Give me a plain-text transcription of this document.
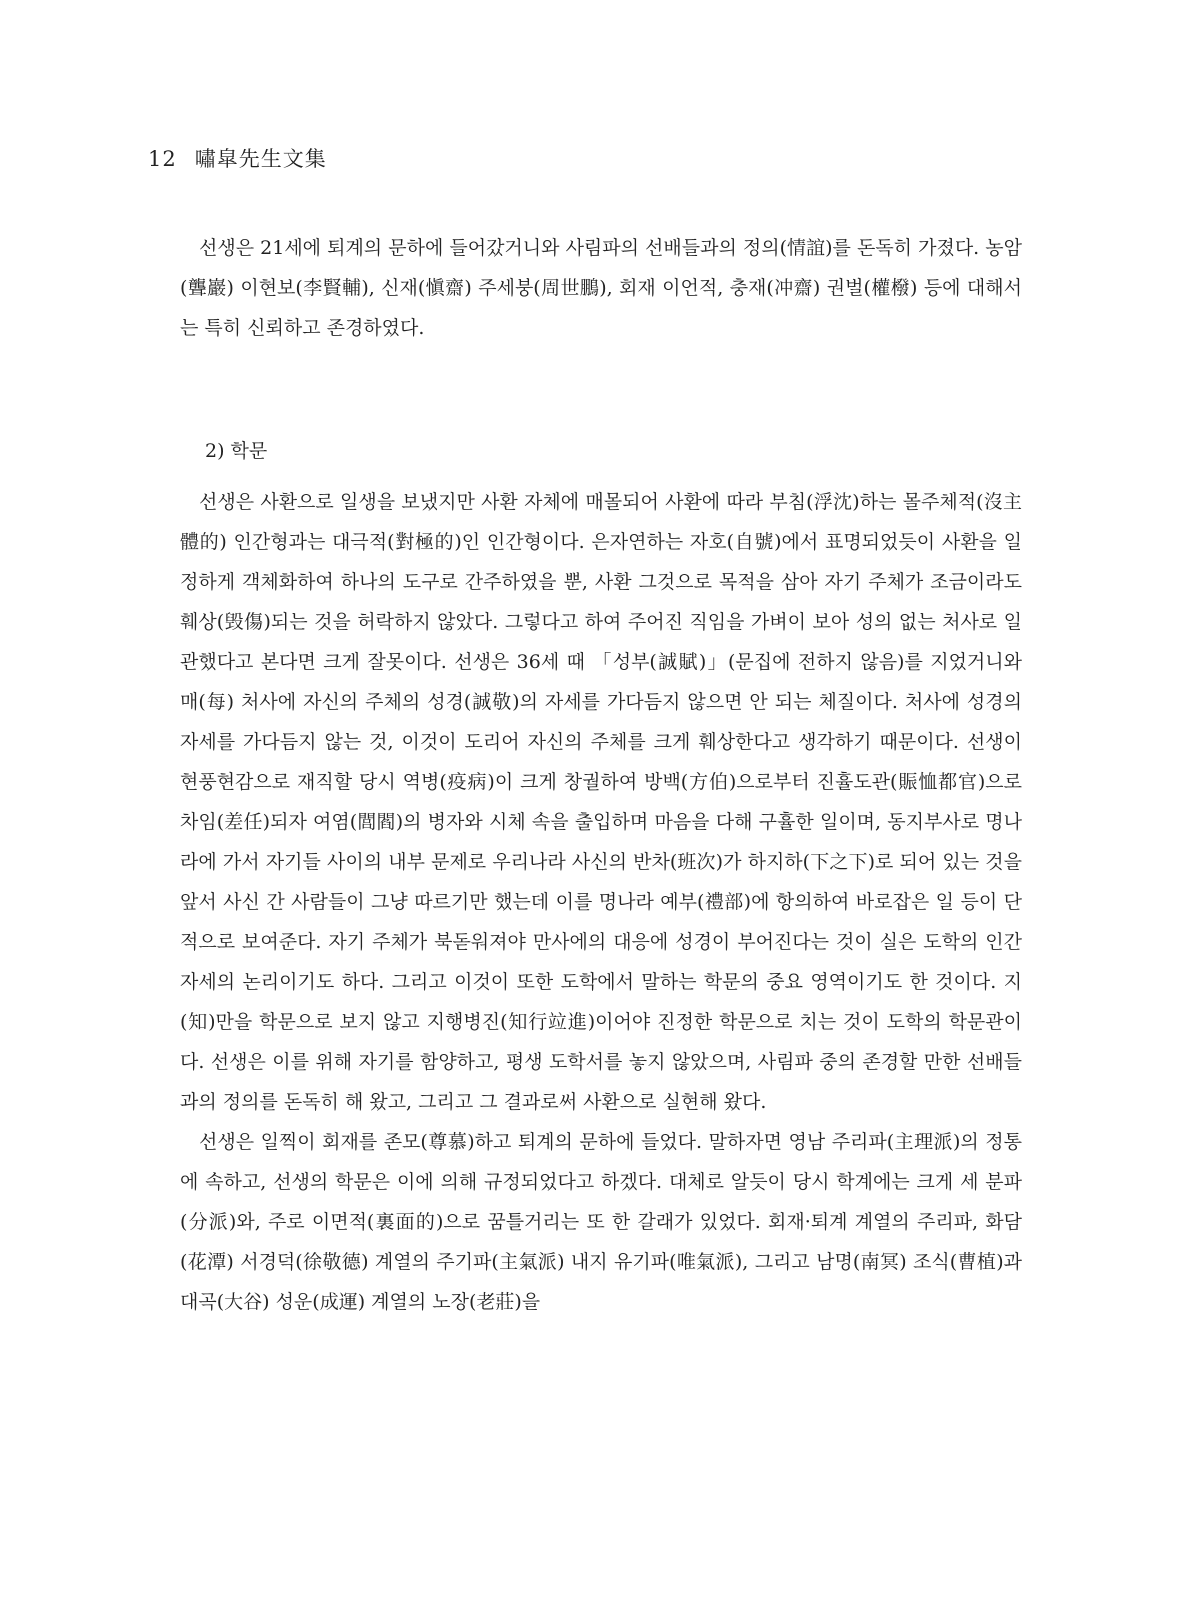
12 嘯皐先生文集

선생은 21세에 퇴계의 문하에 들어갔거니와 사림파의 선배들과의 정의(情誼)를 돈독히 가졌다. 농암(聾巖) 이현보(李賢輔), 신재(愼齋) 주세붕(周世鵬), 회재 이언적, 충재(冲齋) 권벌(權橃) 등에 대해서는 특히 신뢰하고 존경하였다.

2) 학문

선생은 사환으로 일생을 보냈지만 사환 자체에 매몰되어 사환에 따라 부침(浮沈)하는 몰주체적(沒主體的) 인간형과는 대극적(對極的)인 인간형이다. 은자연하는 자호(自號)에서 표명되었듯이 사환을 일정하게 객체화하여 하나의 도구로 간주하였을 뿐, 사환 그것으로 목적을 삼아 자기 주체가 조금이라도 훼상(毁傷)되는 것을 허락하지 않았다. 그렇다고 하여 주어진 직임을 가벼이 보아 성의 없는 처사로 일관했다고 본다면 크게 잘못이다. 선생은 36세 때 「성부(誠賦)」(문집에 전하지 않음)를 지었거니와 매(每) 처사에 자신의 주체의 성경(誠敬)의 자세를 가다듬지 않으면 안 되는 체질이다. 처사에 성경의 자세를 가다듬지 않는 것, 이것이 도리어 자신의 주체를 크게 훼상한다고 생각하기 때문이다. 선생이 현풍현감으로 재직할 당시 역병(疫病)이 크게 창궐하여 방백(方伯)으로부터 진휼도관(賑恤都官)으로 차임(差任)되자 여염(閭閻)의 병자와 시체 속을 출입하며 마음을 다해 구휼한 일이며, 동지부사로 명나라에 가서 자기들 사이의 내부 문제로 우리나라 사신의 반차(班次)가 하지하(下之下)로 되어 있는 것을 앞서 사신 간 사람들이 그냥 따르기만 했는데 이를 명나라 예부(禮部)에 항의하여 바로잡은 일 등이 단적으로 보여준다. 자기 주체가 북돋워져야 만사에의 대응에 성경이 부어진다는 것이 실은 도학의 인간 자세의 논리이기도 하다. 그리고 이것이 또한 도학에서 말하는 학문의 중요 영역이기도 한 것이다. 지(知)만을 학문으로 보지 않고 지행병진(知行竝進)이어야 진정한 학문으로 치는 것이 도학의 학문관이다. 선생은 이를 위해 자기를 함양하고, 평생 도학서를 놓지 않았으며, 사림파 중의 존경할 만한 선배들과의 정의를 돈독히 해 왔고, 그리고 그 결과로써 사환으로 실현해 왔다.

선생은 일찍이 회재를 존모(尊慕)하고 퇴계의 문하에 들었다. 말하자면 영남 주리파(主理派)의 정통에 속하고, 선생의 학문은 이에 의해 규정되었다고 하겠다. 대체로 알듯이 당시 학계에는 크게 세 분파(分派)와, 주로 이면적(裏面的)으로 꿈틀거리는 또 한 갈래가 있었다. 회재·퇴계 계열의 주리파, 화담(花潭) 서경덕(徐敬德) 계열의 주기파(主氣派) 내지 유기파(唯氣派), 그리고 남명(南冥) 조식(曹植)과 대곡(大谷) 성운(成運) 계열의 노장(老莊)을
